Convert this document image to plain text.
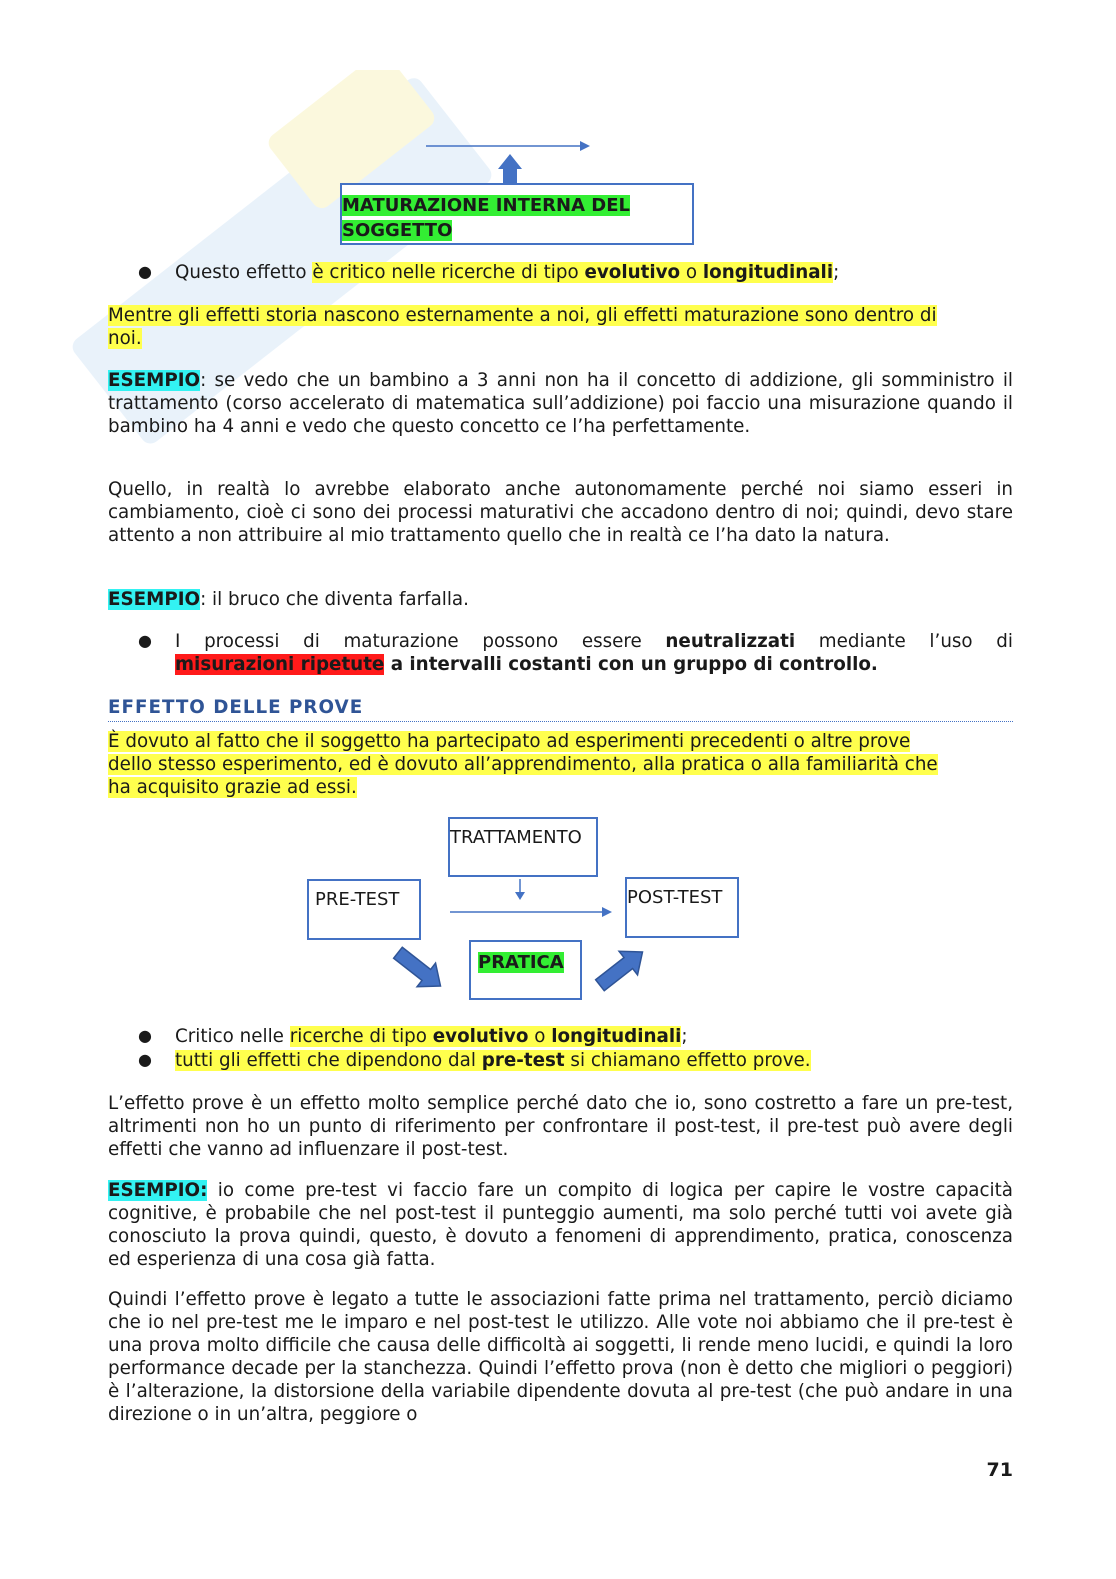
MATURAZIONE INTERNA DEL
SOGGETTO
● Questo effetto è critico nelle ricerche di tipo evolutivo o longitudinali;

Mentre gli effetti storia nascono esternamente a noi, gli effetti maturazione sono dentro di
noi.

ESEMPIO: se vedo che un bambino a 3 anni non ha il concetto di addizione, gli somministro il trattamento (corso accelerato di matematica sull’addizione) poi faccio una misurazione quando il bambino ha 4 anni e vedo che questo concetto ce l’ha perfettamente.

Quello, in realtà lo avrebbe elaborato anche autonomamente perché noi siamo esseri in cambiamento, cioè ci sono dei processi maturativi che accadono dentro di noi; quindi, devo stare attento a non attribuire al mio trattamento quello che in realtà ce l’ha dato la natura.

ESEMPIO: il bruco che diventa farfalla.

● I processi di maturazione possono essere neutralizzati mediante l’uso di
misurazioni ripetute a intervalli costanti con un gruppo di controllo.
EFFETTO DELLE PROVE
È dovuto al fatto che il soggetto ha partecipato ad esperimenti precedenti o altre prove
dello stesso esperimento, ed è dovuto all’apprendimento, alla pratica o alla familiarità che
ha acquisito grazie ad essi.
TRATTAMENTO
PRE-TEST	POST-TEST
PRATICA
● Critico nelle ricerche di tipo evolutivo o longitudinali;

● tutti gli effetti che dipendono dal pre-test si chiamano effetto prove.

L’effetto prove è un effetto molto semplice perché dato che io, sono costretto a fare un pre-test, altrimenti non ho un punto di riferimento per confrontare il post-test, il pre-test può avere degli effetti che vanno ad influenzare il post-test.

ESEMPIO: io come pre-test vi faccio fare un compito di logica per capire le vostre capacità cognitive, è probabile che nel post-test il punteggio aumenti, ma solo perché tutti voi avete già conosciuto la prova quindi, questo, è dovuto a fenomeni di apprendimento, pratica, conoscenza ed esperienza di una cosa già fatta.

Quindi l’effetto prove è legato a tutte le associazioni fatte prima nel trattamento, perciò diciamo che io nel pre-test me le imparo e nel post-test le utilizzo. Alle vote noi abbiamo che il pre-test è una prova molto difficile che causa delle difficoltà ai soggetti, li rende meno lucidi, e quindi la loro performance decade per la stanchezza. Quindi l’effetto prova (non è detto che migliori o peggiori) è l’alterazione, la distorsione della variabile dipendente dovuta al pre-test (che può andare in una direzione o in un’altra, peggiore o

71
